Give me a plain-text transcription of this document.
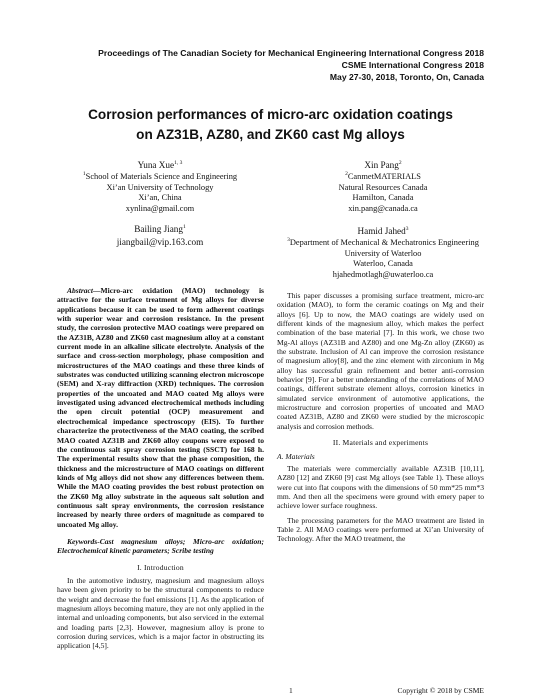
Proceedings of The Canadian Society for Mechanical Engineering International Congress 2018
CSME International Congress 2018
May 27-30, 2018, Toronto, On, Canada
Corrosion performances of micro-arc oxidation coatings
on AZ31B, AZ80, and ZK60 cast Mg alloys
Yuna Xue$^{1, 3}$
$^1$School of Materials Science and Engineering
Xi’an University of Technology
Xi’an, China
xynlina@gmail.com
Xin Pang$^2$
$^2$CanmetMATERIALS
Natural Resources Canada
Hamilton, Canada
xin.pang@canada.ca
Bailing Jiang$^1$
jiangbail@vip.163.com
Hamid Jahed$^3$
$^3$Department of Mechanical & Mechatronics Engineering
University of Waterloo
Waterloo, Canada
hjahedmotlagh@uwaterloo.ca

Abstract—Micro-arc oxidation (MAO) technology is attractive for the surface treatment of Mg alloys for diverse applications because it can be used to form adherent coatings with superior wear and corrosion resistance. In the present study, the corrosion protective MAO coatings were prepared on the AZ31B, AZ80 and ZK60 cast magnesium alloy at a constant current mode in an alkaline silicate electrolyte. Analysis of the surface and cross-section morphology, phase composition and microstructures of the MAO coatings and these three kinds of substrates was conducted utilizing scanning electron microscope (SEM) and X-ray diffraction (XRD) techniques. The corrosion properties of the uncoated and MAO coated Mg alloys were investigated using advanced electrochemical methods including the open circuit potential (OCP) measurement and electrochemical impedance spectroscopy (EIS). To further characterize the protectiveness of the MAO coating, the scribed MAO coated AZ31B and ZK60 alloy coupons were exposed to the continuous salt spray corrosion testing (SSCT) for 168 h. The experimental results show that the phase composition, the thickness and the microstructure of MAO coatings on different kinds of Mg alloys did not show any differences between them. While the MAO coating provides the best robust protection on the ZK60 Mg alloy substrate in the aqueous salt solution and continuous salt spray environments, the corrosion resistance increased by nearly three orders of magnitude as compared to uncoated Mg alloy.

Keywords-Cast magnesium alloys; Micro-arc oxidation; Electrochemical kinetic parameters; Scribe testing

I. Introduction

In the automotive industry, magnesium and magnesium alloys have been given priority to be the structural components to reduce the weight and decrease the fuel emissions [1]. As the application of magnesium alloys becoming mature, they are not only applied in the internal and unloading components, but also serviced in the external and loading parts [2,3]. However, magnesium alloy is prone to corrosion during services, which is a major factor in obstructing its application [4,5].

This paper discusses a promising surface treatment, micro-arc oxidation (MAO), to form the ceramic coatings on Mg and their alloys [6]. Up to now, the MAO coatings are widely used on different kinds of the magnesium alloy, which makes the perfect combination of the base material [7]. In this work, we chose two Mg-Al alloys (AZ31B and AZ80) and one Mg-Zn alloy (ZK60) as the substrate. Inclusion of Al can improve the corrosion resistance of magnesium alloy[8], and the zinc element with zirconium in Mg alloy has successful grain refinement and better anti-corrosion behavior [9]. For a better understanding of the correlations of MAO coatings, different substrate element alloys, corrosion kinetics in simulated service environment of automotive applications, the microstructure and corrosion properties of uncoated and MAO coated AZ31B, AZ80 and ZK60 were studied by the microscopic analysis and corrosion methods.

II. Materials and experiments
A. Materials

The materials were commercially available AZ31B [10,11], AZ80 [12] and ZK60 [9] cast Mg alloys (see Table 1). These alloys were cut into flat coupons with the dimensions of 50 mm*25 mm*3 mm. And then all the specimens were ground with emery paper to achieve lower surface roughness.

The processing parameters for the MAO treatment are listed in Table 2. All MAO coatings were performed at Xi’an University of Technology. After the MAO treatment, the

1	Copyright © 2018 by CSME
